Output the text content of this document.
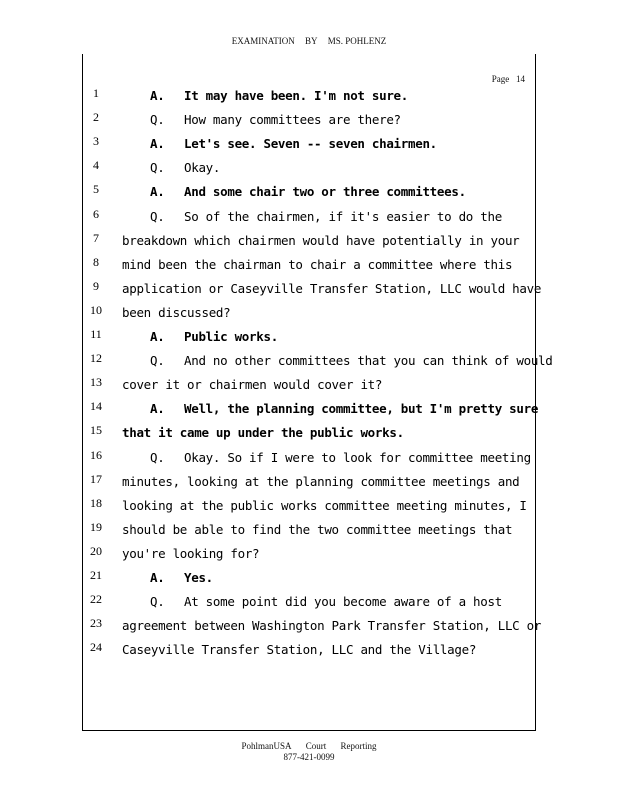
EXAMINATION BY MS. POHLENZ
Page 14
1	A. It may have been. I'm not sure.
2	Q. How many committees are there?
3	A. Let's see. Seven -- seven chairmen.
4	Q. Okay.
5	A. And some chair two or three committees.
6	Q. So of the chairmen, if it's easier to do the
7	breakdown which chairmen would have potentially in your
8	mind been the chairman to chair a committee where this
9	application or Caseyville Transfer Station, LLC would have
10	been discussed?
11	A. Public works.
12	Q. And no other committees that you can think of would
13	cover it or chairmen would cover it?
14	A. Well, the planning committee, but I'm pretty sure
15	that it came up under the public works.
16	Q. Okay. So if I were to look for committee meeting
17	minutes, looking at the planning committee meetings and
18	looking at the public works committee meeting minutes, I
19	should be able to find the two committee meetings that
20	you're looking for?
21	A. Yes.
22	Q. At some point did you become aware of a host
23	agreement between Washington Park Transfer Station, LLC or
24	Caseyville Transfer Station, LLC and the Village?
PohlmanUSA Court Reporting
877-421-0099
